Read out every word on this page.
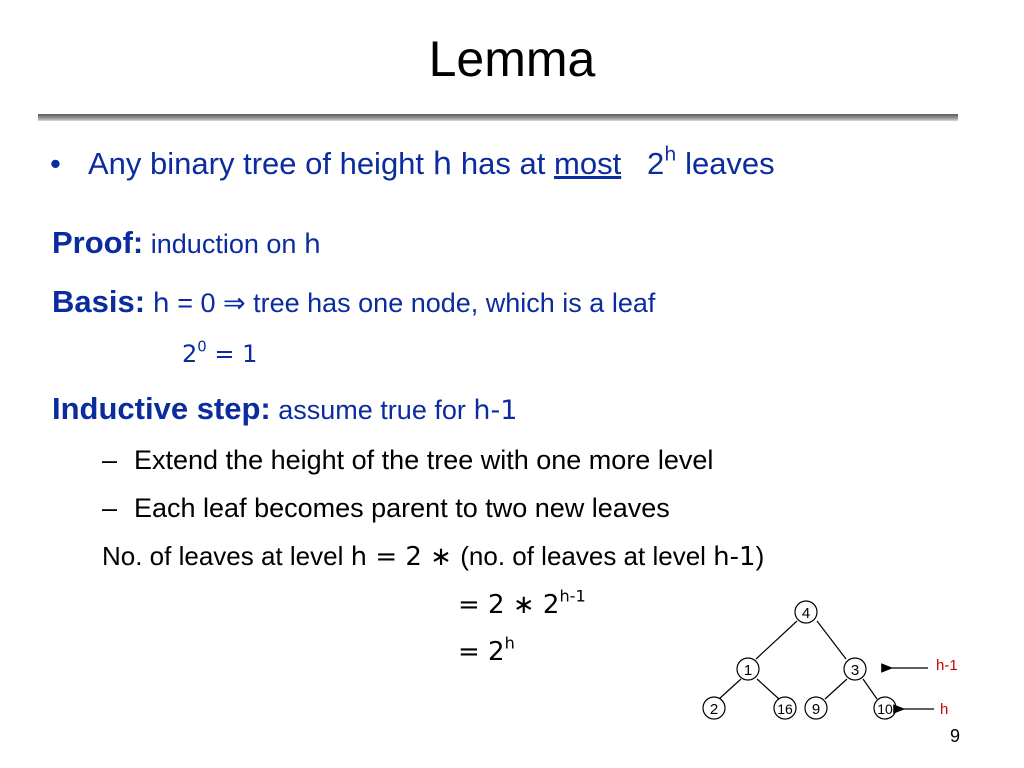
Lemma
• Any binary tree of height h has at most 2$^h$ leaves
Proof: induction on h
Basis: h = 0 ⇒ tree has one node, which is a leaf
$2^0 = 1$
Inductive step: assume true for h-1
– Extend the height of the tree with one more level
– Each leaf becomes parent to two new leaves
No. of leaves at level h = 2 ∗ (no. of leaves at level h-1)
= 2 ∗ $2^{h-1}$
= $2^h$
4
1	3
2	16 9	10
h-1
h
9
